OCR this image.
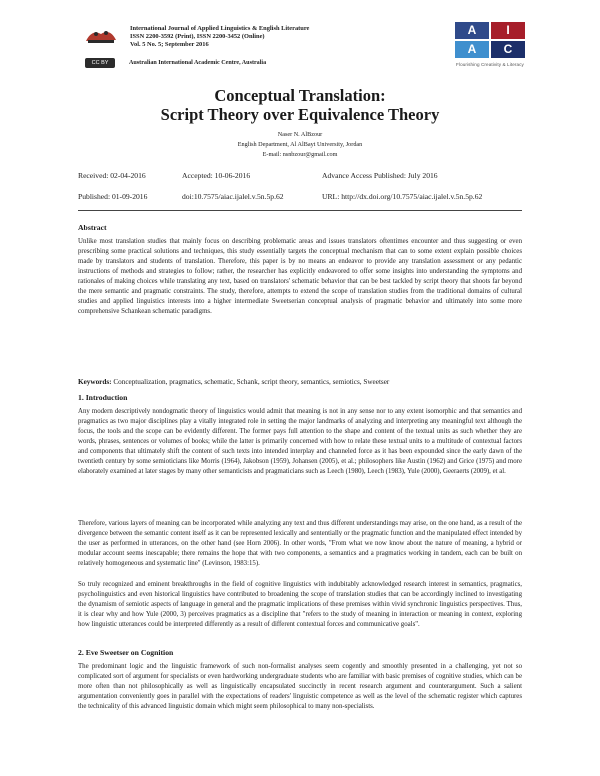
International Journal of Applied Linguistics & English Literature
ISSN 2200-3592 (Print), ISSN 2200-3452 (Online)
Vol. 5 No. 5; September 2016
CC BY	Australian International Academic Centre, Australia
A	I
A	C
Flourishing Creativity & Literacy
Conceptual Translation:
Script Theory over Equivalence Theory
Naser N. AlBzour
English Department, Al AlBayt University, Jordan
E-mail: nsnbzour@gmail.com
Received: 02-04-2016	Accepted: 10-06-2016	Advance Access Published: July 2016
Published: 01-09-2016	doi:10.7575/aiac.ijalel.v.5n.5p.62	URL: http://dx.doi.org/10.7575/aiac.ijalel.v.5n.5p.62
Abstract

Unlike most translation studies that mainly focus on describing problematic areas and issues translators oftentimes encounter and thus suggesting or even prescribing some practical solutions and techniques, this study essentially targets the conceptual mechanism that can to some extent explain possible choices made by translators and students of translation. Therefore, this paper is by no means an endeavor to provide any translation assessment or any pedantic instructions of methods and strategies to follow; rather, the researcher has explicitly endeavored to offer some insights into understanding the symptoms and rationales of making choices while translating any text, based on translators' schematic behavior that can be best tackled by script theory that shoots far beyond the mere semantic and pragmatic constraints. The study, therefore, attempts to extend the scope of translation studies from the traditional domains of cultural studies and applied linguistics interests into a higher intermediate Sweetserian conceptual analysis of pragmatic behavior and ultimately into some more comprehensive Schankean schematic paradigms.

Keywords: Conceptualization, pragmatics, schematic, Schank, script theory, semantics, semiotics, Sweetser
1. Introduction

Any modern descriptively nondogmatic theory of linguistics would admit that meaning is not in any sense nor to any extent isomorphic and that semantics and pragmatics as two major disciplines play a vitally integrated role in setting the major landmarks of analyzing and interpreting any meaningful text although the focus, the tools and the scope can be evidently different. The former pays full attention to the shape and content of the textual units as such whether they are words, phrases, sentences or volumes of books; while the latter is primarily concerned with how to relate these textual units to a multitude of contextual factors and components that ultimately shift the content of such texts into intended interplay and channeled force as it has been expounded since the early dawn of the twentieth century by some semioticians like Morris (1964), Jakobson (1959), Johansen (2005), et al.; philosophers like Austin (1962) and Grice (1975) and more elaborately examined at later stages by many other semanticists and pragmaticians such as Leech (1980), Leech (1983), Yule (2000), Geeraerts (2009), et al.

Therefore, various layers of meaning can be incorporated while analyzing any text and thus different understandings may arise, on the one hand, as a result of the divergence between the semantic content itself as it can be represented lexically and sententially or the pragmatic function and the manipulated effect intended by the user as performed in utterances, on the other hand (see Horn 2006). In other words, "From what we now know about the nature of meaning, a hybrid or modular account seems inescapable; there remains the hope that with two components, a semantics and a pragmatics working in tandem, each can be built on relatively homogeneous and systematic line" (Levinson, 1983:15).

So truly recognized and eminent breakthroughs in the field of cognitive linguistics with indubitably acknowledged research interest in semantics, pragmatics, psycholinguistics and even historical linguistics have contributed to broadening the scope of translation studies that can be accordingly inclined to investigating the dynamism of semiotic aspects of language in general and the pragmatic implications of these premises within vivid synchronic linguistics perspectives. Thus, it is clear why and how Yule (2000, 3) perceives pragmatics as a discipline that "refers to the study of meaning in interaction or meaning in context, exploring how linguistic utterances could be interpreted differently as a result of different contextual forces and communicative goals".

2. Eve Sweetser on Cognition

The predominant logic and the linguistic framework of such non-formalist analyses seem cogently and smoothly presented in a challenging, yet not so complicated sort of argument for specialists or even hardworking undergraduate students who are familiar with basic premises of cognitive studies, which can be more often than not philosophically as well as linguistically encapsulated succinctly in recent research argument and counterargument. Such a salient argumentation conveniently goes in parallel with the expectations of readers' linguistic competence as well as the level of the schematic register which captures the technicality of this advanced linguistic domain which might seem philosophical to many non-specialists.
